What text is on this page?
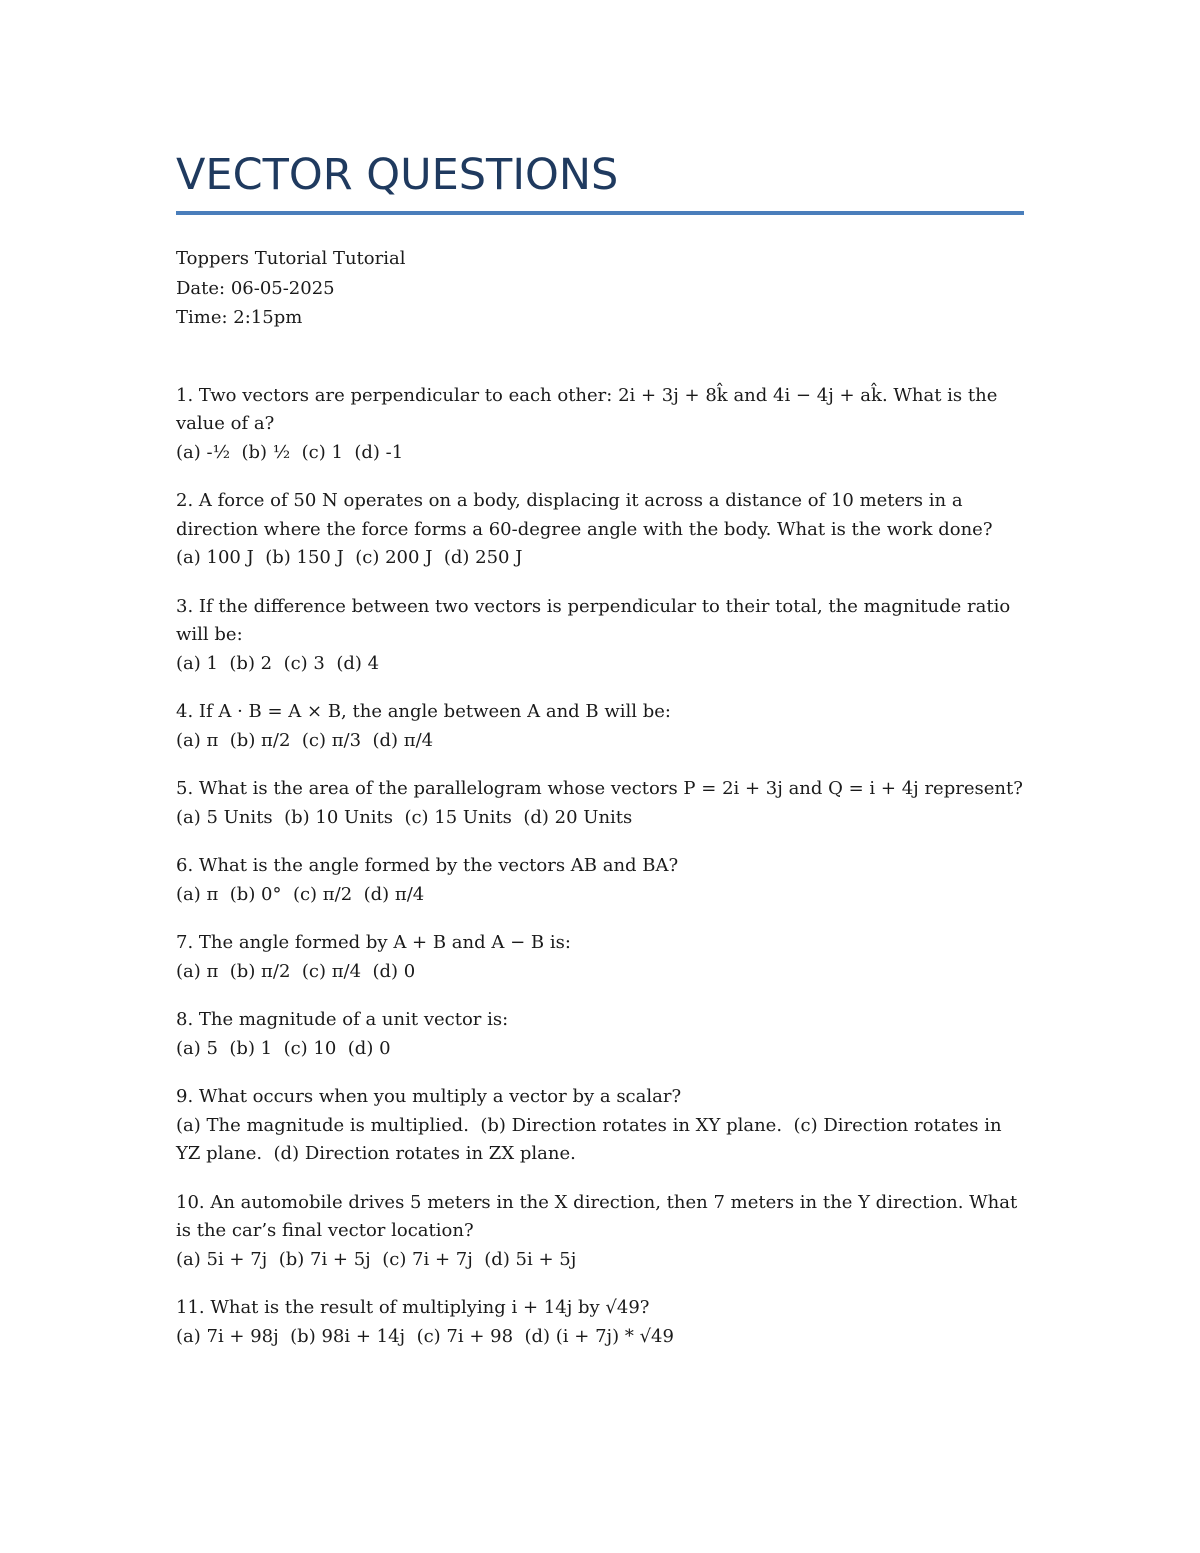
VECTOR QUESTIONS
Toppers Tutorial Tutorial
Date: 06-05-2025
Time: 2:15pm

1. Two vectors are perpendicular to each other: 2i + 3j + 8k̂ and 4i − 4j + ak̂. What is the value of a?

(a) -½  (b) ½  (c) 1  (d) -1

2. A force of 50 N operates on a body, displacing it across a distance of 10 meters in a direction where the force forms a 60-degree angle with the body. What is the work done?

(a) 100 J  (b) 150 J  (c) 200 J  (d) 250 J

3. If the difference between two vectors is perpendicular to their total, the magnitude ratio will be:

(a) 1  (b) 2  (c) 3  (d) 4

4. If A · B = A × B, the angle between A and B will be:

(a) π  (b) π/2  (c) π/3  (d) π/4

5. What is the area of the parallelogram whose vectors P = 2i + 3j and Q = i + 4j represent?

(a) 5 Units  (b) 10 Units  (c) 15 Units  (d) 20 Units

6. What is the angle formed by the vectors AB and BA?

(a) π  (b) 0°  (c) π/2  (d) π/4

7. The angle formed by A + B and A − B is:

(a) π  (b) π/2  (c) π/4  (d) 0

8. The magnitude of a unit vector is:

(a) 5  (b) 1  (c) 10  (d) 0

9. What occurs when you multiply a vector by a scalar?

(a) The magnitude is multiplied.  (b) Direction rotates in XY plane.  (c) Direction rotates in YZ plane.  (d) Direction rotates in ZX plane.

10. An automobile drives 5 meters in the X direction, then 7 meters in the Y direction. What is the car’s final vector location?

(a) 5i + 7j  (b) 7i + 5j  (c) 7i + 7j  (d) 5i + 5j

11. What is the result of multiplying i + 14j by √49?

(a) 7i + 98j  (b) 98i + 14j  (c) 7i + 98  (d) (i + 7j) * √49
